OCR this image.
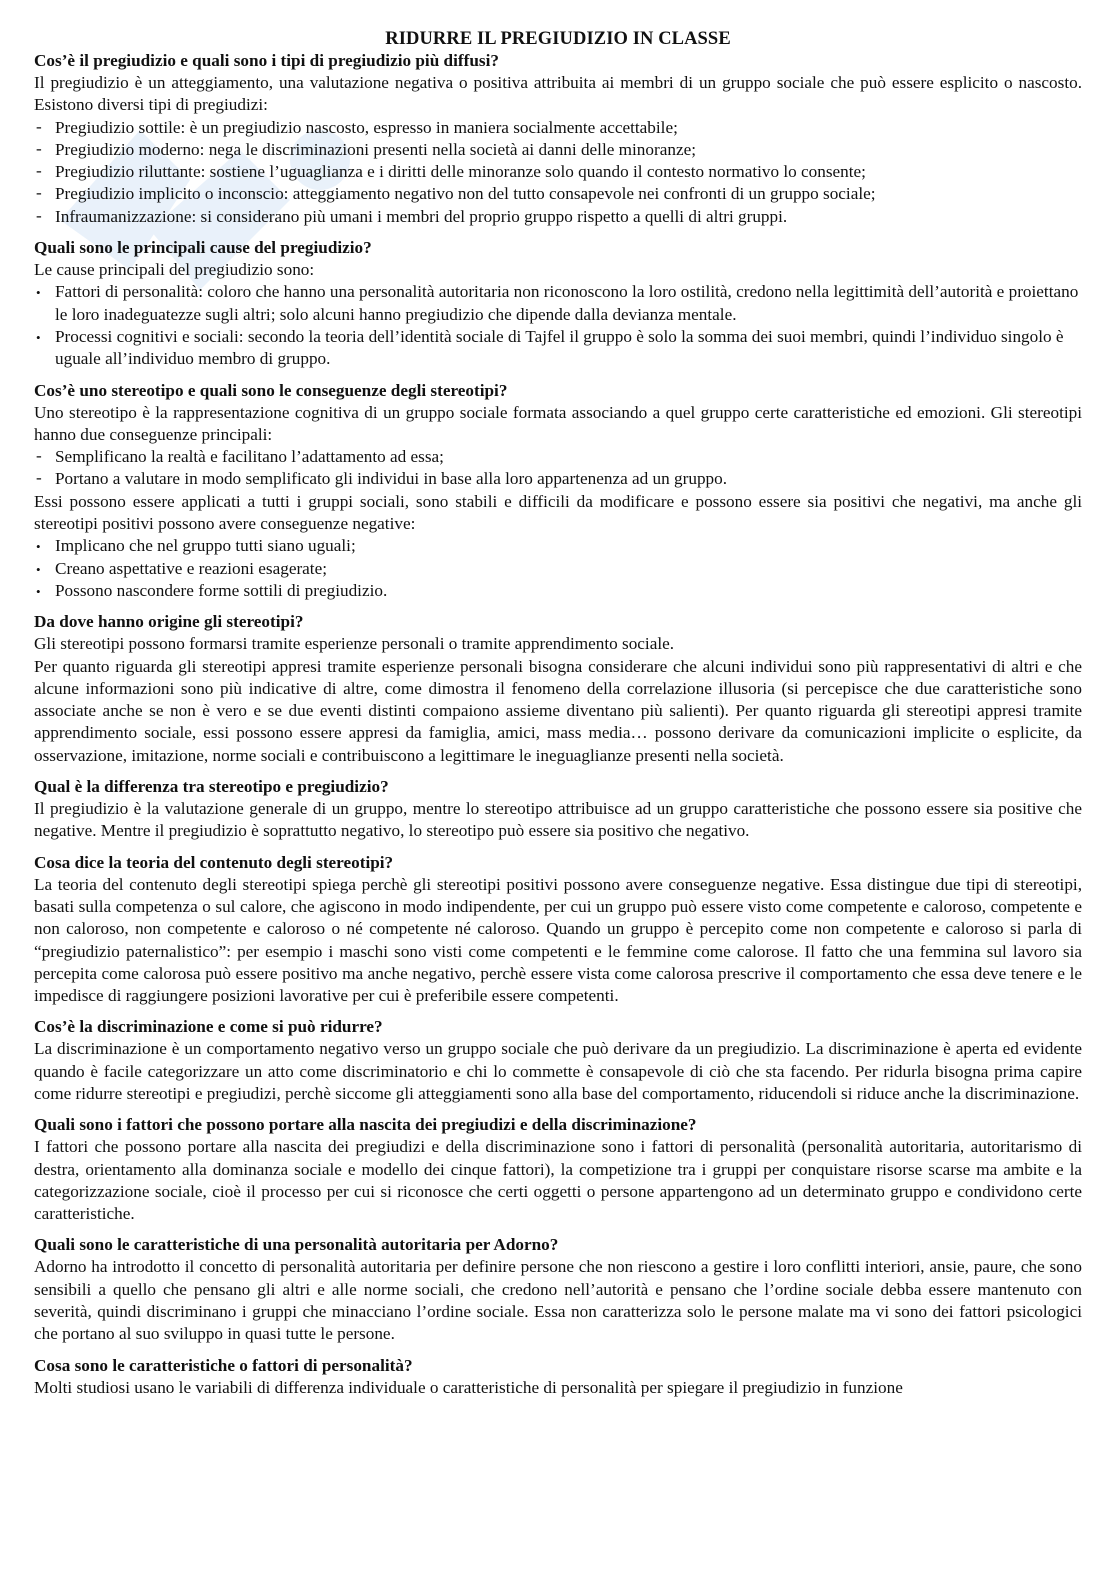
RIDURRE IL PREGIUDIZIO IN CLASSE
Cos’è il pregiudizio e quali sono i tipi di pregiudizio più diffusi?

Il pregiudizio è un atteggiamento, una valutazione negativa o positiva attribuita ai membri di un gruppo sociale che può essere esplicito o nascosto. Esistono diversi tipi di pregiudizi:

- Pregiudizio sottile: è un pregiudizio nascosto, espresso in maniera socialmente accettabile;
- Pregiudizio moderno: nega le discriminazioni presenti nella società ai danni delle minoranze;
- Pregiudizio riluttante: sostiene l’uguaglianza e i diritti delle minoranze solo quando il contesto normativo lo consente;
- Pregiudizio implicito o inconscio: atteggiamento negativo non del tutto consapevole nei confronti di un gruppo sociale;
- Infraumanizzazione: si considerano più umani i membri del proprio gruppo rispetto a quelli di altri gruppi.
Quali sono le principali cause del pregiudizio?

Le cause principali del pregiudizio sono:

• Fattori di personalità: coloro che hanno una personalità autoritaria non riconoscono la loro ostilità, credono nella legittimità dell’autorità e proiettano le loro inadeguatezze sugli altri; solo alcuni hanno pregiudizio che dipende dalla devianza mentale.
• Processi cognitivi e sociali: secondo la teoria dell’identità sociale di Tajfel il gruppo è solo la somma dei suoi membri, quindi l’individuo singolo è uguale all’individuo membro di gruppo.
Cos’è uno stereotipo e quali sono le conseguenze degli stereotipi?

Uno stereotipo è la rappresentazione cognitiva di un gruppo sociale formata associando a quel gruppo certe caratteristiche ed emozioni. Gli stereotipi hanno due conseguenze principali:

- Semplificano la realtà e facilitano l’adattamento ad essa;
- Portano a valutare in modo semplificato gli individui in base alla loro appartenenza ad un gruppo.

Essi possono essere applicati a tutti i gruppi sociali, sono stabili e difficili da modificare e possono essere sia positivi che negativi, ma anche gli stereotipi positivi possono avere conseguenze negative:

• Implicano che nel gruppo tutti siano uguali;
• Creano aspettative e reazioni esagerate;
• Possono nascondere forme sottili di pregiudizio.
Da dove hanno origine gli stereotipi?

Gli stereotipi possono formarsi tramite esperienze personali o tramite apprendimento sociale.

Per quanto riguarda gli stereotipi appresi tramite esperienze personali bisogna considerare che alcuni individui sono più rappresentativi di altri e che alcune informazioni sono più indicative di altre, come dimostra il fenomeno della correlazione illusoria (si percepisce che due caratteristiche sono associate anche se non è vero e se due eventi distinti compaiono assieme diventano più salienti). Per quanto riguarda gli stereotipi appresi tramite apprendimento sociale, essi possono essere appresi da famiglia, amici, mass media… possono derivare da comunicazioni implicite o esplicite, da osservazione, imitazione, norme sociali e contribuiscono a legittimare le ineguaglianze presenti nella società.

Qual è la differenza tra stereotipo e pregiudizio?

Il pregiudizio è la valutazione generale di un gruppo, mentre lo stereotipo attribuisce ad un gruppo caratteristiche che possono essere sia positive che negative. Mentre il pregiudizio è soprattutto negativo, lo stereotipo può essere sia positivo che negativo.

Cosa dice la teoria del contenuto degli stereotipi?

La teoria del contenuto degli stereotipi spiega perchè gli stereotipi positivi possono avere conseguenze negative. Essa distingue due tipi di stereotipi, basati sulla competenza o sul calore, che agiscono in modo indipendente, per cui un gruppo può essere visto come competente e caloroso, competente e non caloroso, non competente e caloroso o né competente né caloroso. Quando un gruppo è percepito come non competente e caloroso si parla di “pregiudizio paternalistico”: per esempio i maschi sono visti come competenti e le femmine come calorose. Il fatto che una femmina sul lavoro sia percepita come calorosa può essere positivo ma anche negativo, perchè essere vista come calorosa prescrive il comportamento che essa deve tenere e le impedisce di raggiungere posizioni lavorative per cui è preferibile essere competenti.

Cos’è la discriminazione e come si può ridurre?

La discriminazione è un comportamento negativo verso un gruppo sociale che può derivare da un pregiudizio. La discriminazione è aperta ed evidente quando è facile categorizzare un atto come discriminatorio e chi lo commette è consapevole di ciò che sta facendo. Per ridurla bisogna prima capire come ridurre stereotipi e pregiudizi, perchè siccome gli atteggiamenti sono alla base del comportamento, riducendoli si riduce anche la discriminazione.

Quali sono i fattori che possono portare alla nascita dei pregiudizi e della discriminazione?

I fattori che possono portare alla nascita dei pregiudizi e della discriminazione sono i fattori di personalità (personalità autoritaria, autoritarismo di destra, orientamento alla dominanza sociale e modello dei cinque fattori), la competizione tra i gruppi per conquistare risorse scarse ma ambite e la categorizzazione sociale, cioè il processo per cui si riconosce che certi oggetti o persone appartengono ad un determinato gruppo e condividono certe caratteristiche.

Quali sono le caratteristiche di una personalità autoritaria per Adorno?

Adorno ha introdotto il concetto di personalità autoritaria per definire persone che non riescono a gestire i loro conflitti interiori, ansie, paure, che sono sensibili a quello che pensano gli altri e alle norme sociali, che credono nell’autorità e pensano che l’ordine sociale debba essere mantenuto con severità, quindi discriminano i gruppi che minacciano l’ordine sociale. Essa non caratterizza solo le persone malate ma vi sono dei fattori psicologici che portano al suo sviluppo in quasi tutte le persone.

Cosa sono le caratteristiche o fattori di personalità?

Molti studiosi usano le variabili di differenza individuale o caratteristiche di personalità per spiegare il pregiudizio in funzione
